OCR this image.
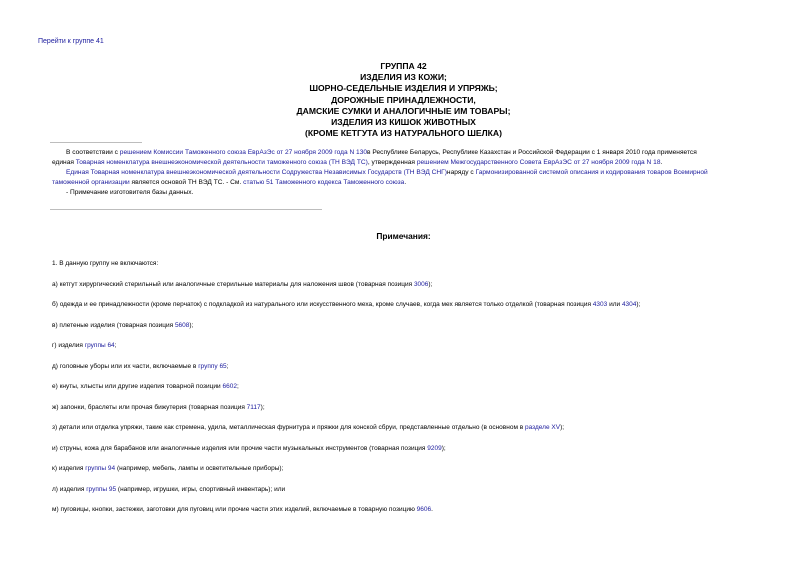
Перейти к группе 41
ГРУППА 42
ИЗДЕЛИЯ ИЗ КОЖИ;
ШОРНО-СЕДЕЛЬНЫЕ ИЗДЕЛИЯ И УПРЯЖЬ;
ДОРОЖНЫЕ ПРИНАДЛЕЖНОСТИ,
ДАМСКИЕ СУМКИ И АНАЛОГИЧНЫЕ ИМ ТОВАРЫ;
ИЗДЕЛИЯ ИЗ КИШОК ЖИВОТНЫХ
(КРОМЕ КЕТГУТА ИЗ НАТУРАЛЬНОГО ШЕЛКА)

В соответствии с решением Комиссии Таможенного союза ЕврАзЭс от 27 ноября 2009 года N 130в Республике Беларусь, Республике Казахстан и Российской Федерации с 1 января 2010 года применяется

единая Товарная номенклатура внешнеэкономической деятельности таможенного союза (ТН ВЭД ТС), утвержденная решением Межгосударственного Совета ЕврАзЭС от 27 ноября 2009 года N 18.

Единая Товарная номенклатура внешнеэкономической деятельности Содружества Независимых Государств (ТН ВЭД СНГ)наряду с Гармонизированной системой описания и кодирования товаров Всемирной

таможенной организации является основой ТН ВЭД ТС. - См. статью 51 Таможенного кодекса Таможенного союза.

- Примечание изготовителя базы данных.

Примечания:

1. В данную группу не включаются:

а) кетгут хирургический стерильный или аналогичные стерильные материалы для наложения швов (товарная позиция 3006);

б) одежда и ее принадлежности (кроме перчаток) с подкладкой из натурального или искусственного меха, кроме случаев, когда мех является только отделкой (товарная позиция 4303 или 4304);

в) плетеные изделия (товарная позиция 5608);

г) изделия группы 64;

д) головные уборы или их части, включаемые в группу 65;

е) кнуты, хлысты или другие изделия товарной позиции 6602;

ж) запонки, браслеты или прочая бижутерия (товарная позиция 7117);

з) детали или отделка упряжи, такие как стремена, удила, металлическая фурнитура и пряжки для конской сбруи, представленные отдельно (в основном в разделе XV);

и) струны, кожа для барабанов или аналогичные изделия или прочие части музыкальных инструментов (товарная позиция 9209);

к) изделия группы 94 (например, мебель, лампы и осветительные приборы);

л) изделия группы 95 (например, игрушки, игры, спортивный инвентарь); или

м) пуговицы, кнопки, застежки, заготовки для пуговиц или прочие части этих изделий, включаемые в товарную позицию 9606.
